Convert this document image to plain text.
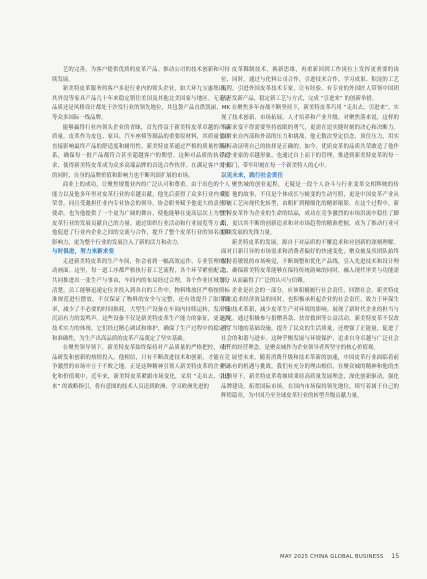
艺的完善，为客户提供优质的皮革产品。推动公司的技术创新和可持续发展。

新美特皮革服务的客户多是行业内的领头企业，如大环九宝惠集团、其外没等家具产品几十年来稳定销往美国及其他北美国家与地区。无论是品质还是风格设计都处于沙发行业的领先地位，其包袋产品直供凯丽、MK 等众多国际一线品牌。

能够赢得行业内领头企业的青睐，首先得益于新美特皮革卓越的产品质量。皮革作为皮包、家具、汽车座椅等制品的重要原材料，其质量优劣直接影响最终产品的舒适度和耐用性。新美特皮革通过严格的质量控制体系，确保每一批产品都符合甚至超越客户的期望。这种对品质的执着追求，使得新美特皮革成为众多高端品牌的首选合作伙伴。在满足客户需求的同时，自身的品牌价值和影响力也不断巩固扩展的市场。

商业上的成功，让聚焦规划业内的广泛认可和尊重。由于出色的个人能力以及他多年里对皮革行业的卓越贡献，他先后获得了众多行业内重要荣誉。同且受邀担任业内专业协会的领导。协会职务赋予他更大的责任与使命，也为他提供了一个更为广阔的舞台，使他能够在更高层次上为整个皮革行业的发展贡献自己的力量。通过组织行业活动和行业展览等方式，他促进了行业内企业之间的交流与合作，提升了整个皮革行业的知名度和影响力，更为整个行业的发展注入了新的活力和动力。

与时俱进，努力来新求变

走进新美特皮革的生产车间，你会看到一幅高效运作、专业管理的生动画面。这里，每一道工序都严格执行着工艺流程，各个环节紧密配合，共同推进出一张生产与事由，车间内的布局经过合理，各个作业区域划分清楚，员工能够迅速定位并投入到各自的工作中。物料堆放区严格按照标准规范进行摆放，不仅保证了物料的安全与完整，还有效提升了取用效率，减少了不必要的时间损耗。大型生产设备在车间内持续运转，发出低沉而有力的轰鸣声。这些设备不仅是新美特皮革生产能力的象征，更是其技术实力的体现。它们经过精心调试和维护，确保了生产过程中的稳定性和准确性，为生产出高品质的皮革产品奠定了坚实基础。

在聚焦领导领下，新美特皮革始终保持对产品质量的严格把控，对产品研发和创新的热情投入。他相信，只有不断改进技术和创新，才能在竞争激烈的市场中立于不败之地。正是这种精神引领人新美特皮革的企业文化和价值观中，近年来，新美特皮革紧跟市场变化，采用 “走出去、引进来” 的战略指引，将有意图的技术人员送到欧洲、学习欧洲先进的

皮革鞣制技术，换新思维，再重新回到工作岗位上发挥更重要的岗位、同时，通过与化料公司合作，引进技术合作、学习成果、积淀的工艺流程，引进外国皮革技术专家，让有经验、有专业的外国匠人带领中国团队开发新产品，稳定新工艺与方式，完成 “引进来” 的创新举措。

在聚焦多年奋战不断坚持下，新美特皮革巧用 “走出去、引进来”，实现了技术创新、市场拓展、人才培养和产业升级。对聚焦落来说，这样的求新求变不得需要坚持放眼的勇气，更需在追实健时刻的决心和决断力。面对来自内部和外部的压力和挑战，他无数次坚定信念，顶住压力，用实际行动证明自己的抉择是正确的。如今，优质皮革的品质共荣敢造了他作为企业家的卓越形象，也通过自上而下的管理，推进到新美特皮革的每一个部门，带牢印刻在每一个新美特人的心中。

以见未来，践行社会责任

聚焦城的创业起程，无疑是一段个人奋斗与行业变革交相辉映的传奇，他的故事，不仅是个体成长与蜕变的生动写照，更是中国皮革产业从传统工艺向现代化转型，由粗扩到精细化的精彩缩影。在这个过程中，新美特皮革作为企业的生命的结晶，成功在竞争激烈的市场洪流中稳住了脚跟，更以其不断的创新追求和对市场趋势的精准把握，成为了推动行业可持续发展的先锋力量。

新美特皮革的发展，源自于对品质的不懈追求和对创新的深刻理解。面对日新月异的市场需求和消费者偏好的快速变化，聚众被及其团队始终保持着敏锐的市场嗅觉，不断调整和优化产品线，引入先进技术和设计理念，确保新美特皮革能够在保持传统韵味的同时，融入现代审美与功能需求，从而赢得了广泛的认可与信赖。

企业是社会的一部分，应该积极履行社会责任，回馈社会。新美特皮革在追求经济效益的同时，也积极承担起企业的社会责任，致力于环保生产和技术革新，减少皮革生产对环境的影响。展现了新时代企业的担当与远见。通过积极参与捐赠善款、扶贫救困等公益活动，新美特皮革不仅改善了当地的基础设施，提升了民众的生活质量，还增强了正能量，促进了社会的和谐与进步。这种乎衡发展与环境保护、追求自身卓越与广泛社会责任的经营理念，是聚众城作为企业领导者所坚守的核心价值观。

展望未来，随着消费升级和技术革新的加速，中国皮革行业面临着前所未有的机遇与挑战。我们有充分的理由相信，在聚众城的精神和他的杰出领导下，新美特皮革将继续秉持高质量发展理念，深化创新驱动，强化品牌建设，拓宽国际市场，在国内市场保持领先地位，续写着属于自己的辉煌篇章，为中国乃至全球皮革行业的转型升级贡献力量。

MAY 2025 CHINA GLOBAL BUSINESS 15
